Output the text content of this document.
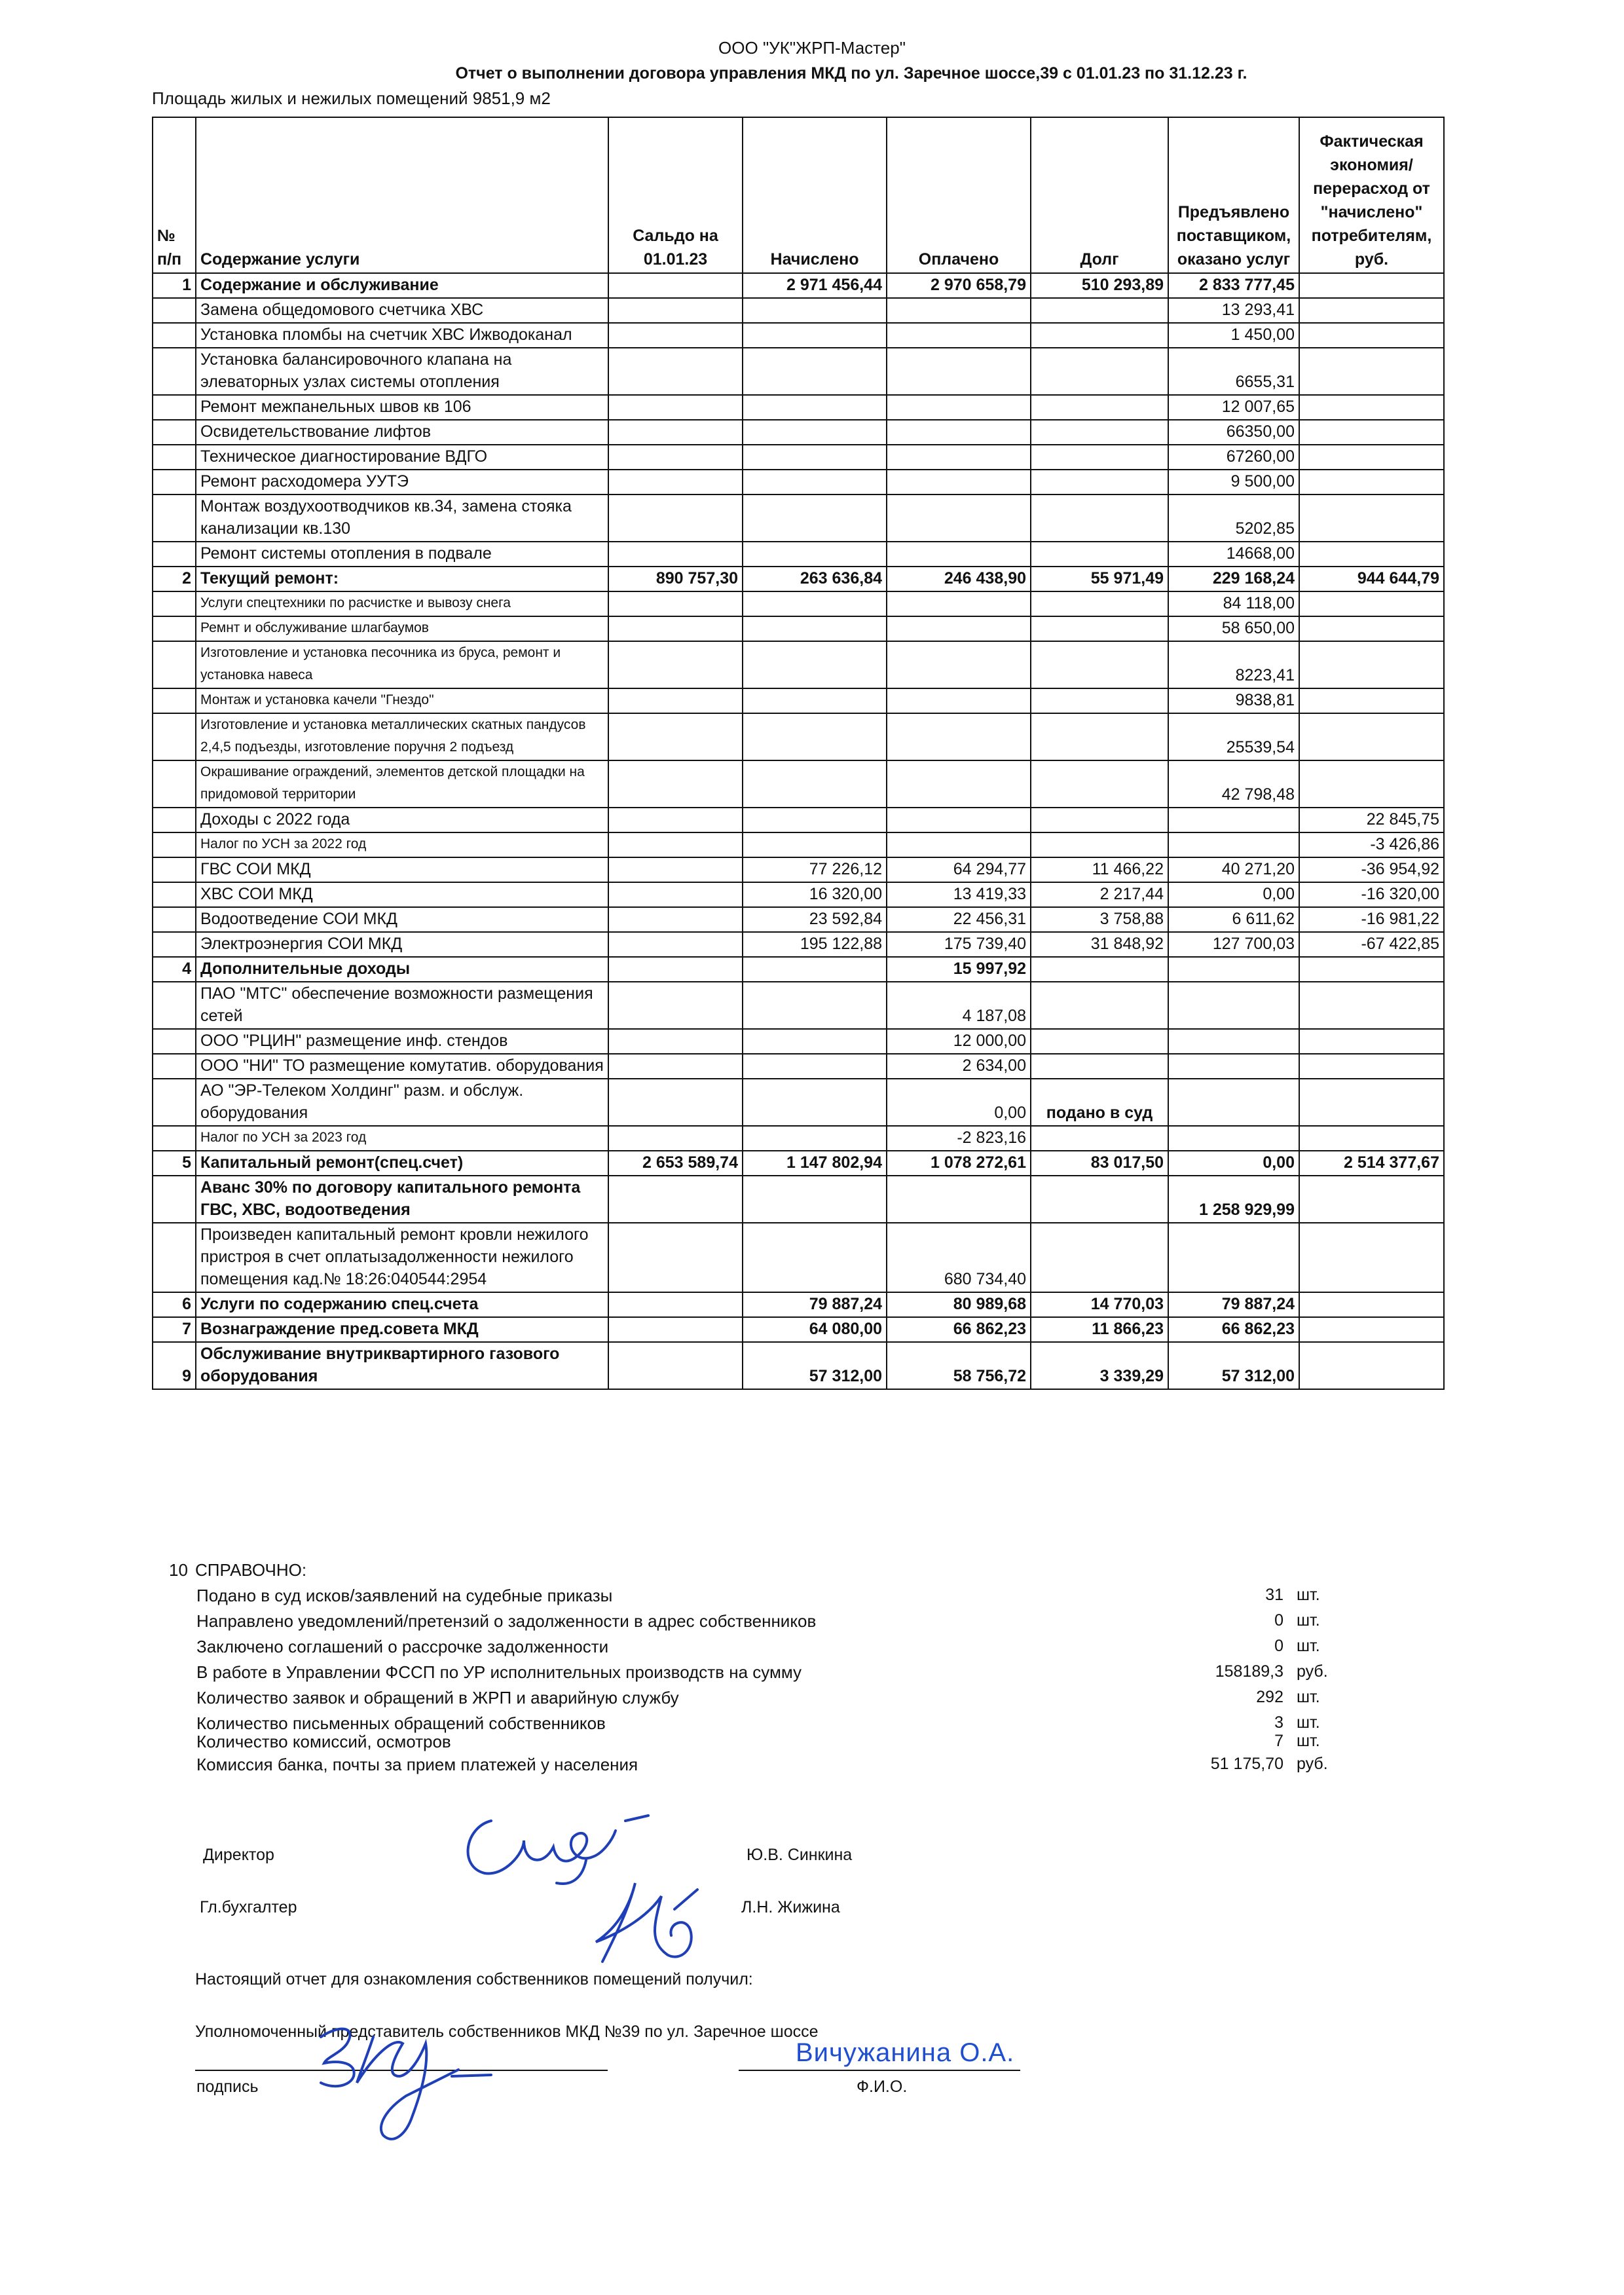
ООО "УК"ЖРП-Мастер"
Отчет о выполнении договора управления МКД по ул. Заречное шоссе,39 с 01.01.23 по 31.12.23 г.
Площадь жилых и нежилых помещений 9851,9 м2
№ п/п	Содержание услуги	Сальдо на 01.01.23	Начислено	Оплачено	Долг	Предъявлено поставщиком, оказано услуг	Фактическая экономия/перерасход от "начислено" потребителям, руб.
1	Содержание и обслуживание		2 971 456,44	2 970 658,79	510 293,89	2 833 777,45	
	Замена общедомового счетчика ХВС					13 293,41	
	Установка пломбы на счетчик ХВС Ижводоканал					1 450,00	
	Установка балансировочного клапана на элеваторных узлах системы отопления					6655,31	
	Ремонт межпанельных швов кв 106					12 007,65	
	Освидетельствование лифтов					66350,00	
	Техническое диагностирование ВДГО					67260,00	
	Ремонт расходомера УУТЭ					9 500,00	
	Монтаж воздухоотводчиков кв.34, замена стояка канализации кв.130					5202,85	
	Ремонт системы отопления в подвале					14668,00	
2	Текущий ремонт:	890 757,30	263 636,84	246 438,90	55 971,49	229 168,24	944 644,79
	Услуги спецтехники по расчистке и вывозу снега					84 118,00	
	Ремнт и обслуживание шлагбаумов					58 650,00	
	Изготовление и установка песочника из бруса, ремонт и установка навеса					8223,41	
	Монтаж и установка качели "Гнездо"					9838,81	
	Изготовление и установка металлических скатных пандусов 2,4,5 подъезды, изготовление поручня 2 подъезд					25539,54	
	Окрашивание ограждений, элементов детской площадки на придомовой территории					42 798,48	
	Доходы с 2022 года						22 845,75
	Налог по УСН за 2022 год						-3 426,86
	ГВС СОИ МКД		77 226,12	64 294,77	11 466,22	40 271,20	-36 954,92
	ХВС СОИ МКД		16 320,00	13 419,33	2 217,44	0,00	-16 320,00
	Водоотведение СОИ МКД		23 592,84	22 456,31	3 758,88	6 611,62	-16 981,22
	Электроэнергия СОИ МКД		195 122,88	175 739,40	31 848,92	127 700,03	-67 422,85
4	Дополнительные доходы			15 997,92			
	ПАО "МТС" обеспечение возможности размещения сетей			4 187,08			
	ООО "РЦИН" размещение инф. стендов			12 000,00			
	ООО "НИ" ТО размещение комутатив. оборудования			2 634,00			
	АО "ЭР-Телеком Холдинг" разм. и обслуж. оборудования			0,00	подано в суд		
	Налог по УСН за 2023 год			-2 823,16			
5	Капитальный ремонт(спец.счет)	2 653 589,74	1 147 802,94	1 078 272,61	83 017,50	0,00	2 514 377,67
	Аванс 30% по договору капитального ремонта ГВС, ХВС, водоотведения					1 258 929,99	
	Произведен капитальный ремонт кровли нежилого пристроя в счет оплатызадолженности нежилого помещения кад.№ 18:26:040544:2954			680 734,40			
6	Услуги по содержанию спец.счета		79 887,24	80 989,68	14 770,03	79 887,24	
7	Вознаграждение пред.совета МКД		64 080,00	66 862,23	11 866,23	66 862,23	
9	Обслуживание внутриквартирного газового оборудования		57 312,00	58 756,72	3 339,29	57 312,00	
10 СПРАВОЧНО:
Подано в суд исков/заявлений на судебные приказы	31 шт.
Направлено уведомлений/претензий о задолженности в адрес собственников	0 шт.
Заключено соглашений о рассрочке задолженности	0 шт.
В работе в Управлении ФССП по УР исполнительных производств на сумму	158189,3 руб.
Количество заявок и обращений в ЖРП и аварийную службу	292 шт.
Количество письменных обращений собственников	3 шт.
Количество комиссий, осмотров	7 шт.
Комиссия банка, почты за прием платежей у населения	51 175,70 руб.
Директор	Ю.В. Синкина
Гл.бухгалтер	Л.Н. Жижина
Настоящий отчет для ознакомления собственников помещений получил:
Уполномоченный представитель собственников МКД №39 по ул. Заречное шоссе
Вичужанина О.А.
подпись	Ф.И.О.
